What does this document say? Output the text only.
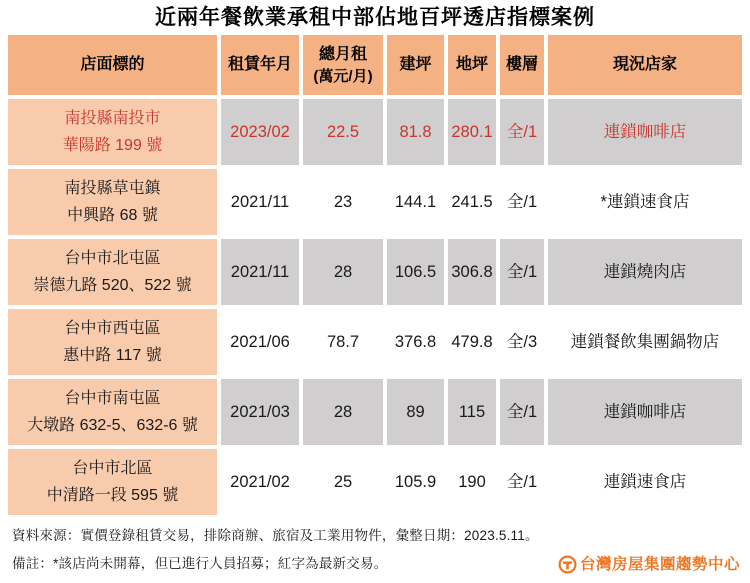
近兩年餐飲業承租中部佔地百坪透店指標案例
店面標的	租賃年月	總月租
(萬元/月)	建坪	地坪	樓層	現況店家

南投縣南投市
華陽路 199 號	2023/02	22.5	81.8	280.1	全/1	連鎖咖啡店

南投縣草屯鎮
中興路 68 號	2021/11	23	144.1	241.5	全/1	*連鎖速食店

台中市北屯區
崇德九路 520、522 號	2021/11	28	106.5	306.8	全/1	連鎖燒肉店

台中市西屯區
惠中路 117 號	2021/06	78.7	376.8	479.8	全/3	連鎖餐飲集團鍋物店

台中市南屯區
大墩路 632-5、632-6 號	2021/03	28	89	115	全/1	連鎖咖啡店

台中市北區
中清路一段 595 號	2021/02	25	105.9	190	全/1	連鎖速食店
資料來源：實價登錄租賃交易，排除商辦、旅宿及工業用物件，彙整日期：2023.5.11。
備註：*該店尚未開幕，但已進行人員招募；紅字為最新交易。	台灣房屋集團趨勢中心
